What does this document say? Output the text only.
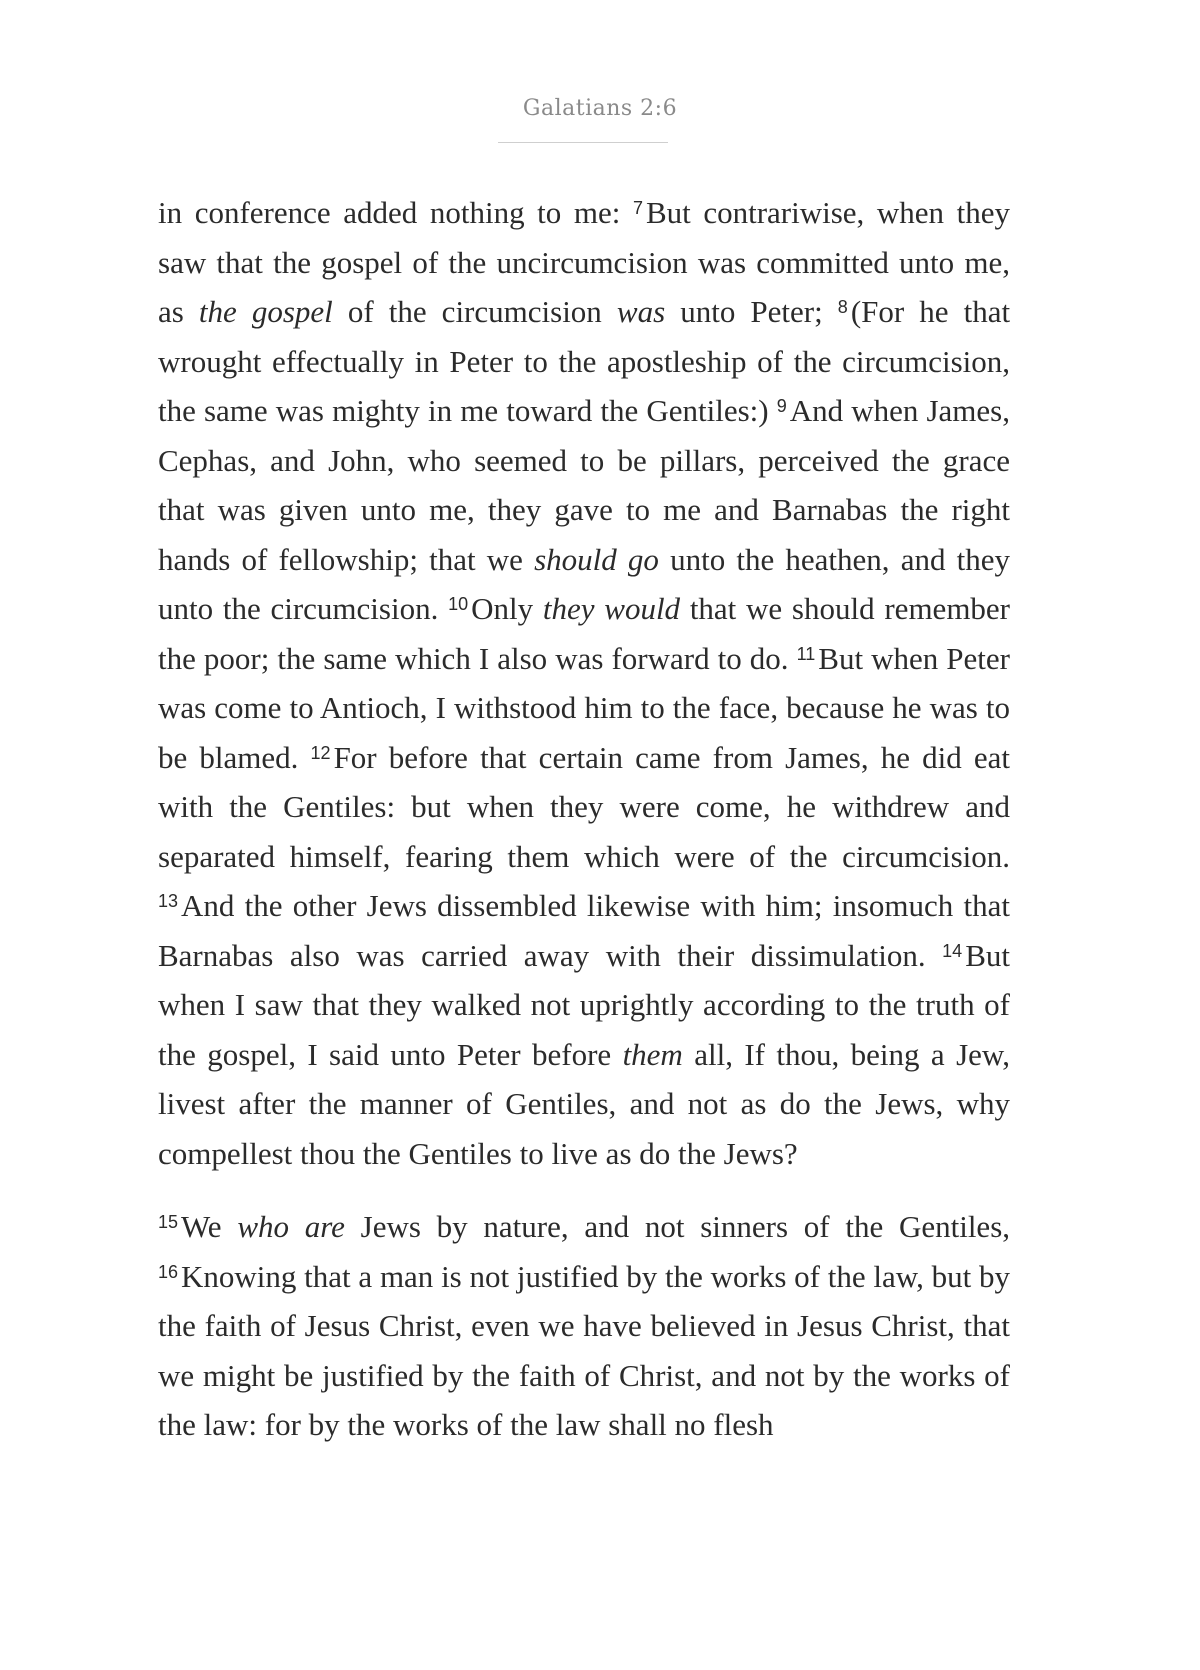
Galatians 2:6

in conference added nothing to me: $^7$But contrariwise, when they saw that the gospel of the uncircumcision was committed unto me, as the gospel of the circumcision was unto Peter; $^8$(For he that wrought effectually in Peter to the apostleship of the circumcision, the same was mighty in me toward the Gentiles:) $^9$And when James, Cephas, and John, who seemed to be pillars, perceived the grace that was given unto me, they gave to me and Barnabas the right hands of fellowship; that we should go unto the heathen, and they unto the circumcision. $^{10}$Only they would that we should remember the poor; the same which I also was forward to do. $^{11}$But when Peter was come to Antioch, I withstood him to the face, because he was to be blamed. $^{12}$For before that certain came from James, he did eat with the Gentiles: but when they were come, he withdrew and separated himself, fearing them which were of the circumcision. $^{13}$And the other Jews dissembled likewise with him; insomuch that Barnabas also was carried away with their dissimulation. $^{14}$But when I saw that they walked not uprightly according to the truth of the gospel, I said unto Peter before them all, If thou, being a Jew, livest after the manner of Gentiles, and not as do the Jews, why compellest thou the Gentiles to live as do the Jews?

$^{15}$We who are Jews by nature, and not sinners of the Gentiles, $^{16}$Knowing that a man is not justified by the works of the law, but by the faith of Jesus Christ, even we have believed in Jesus Christ, that we might be justified by the faith of Christ, and not by the works of the law: for by the works of the law shall no flesh
